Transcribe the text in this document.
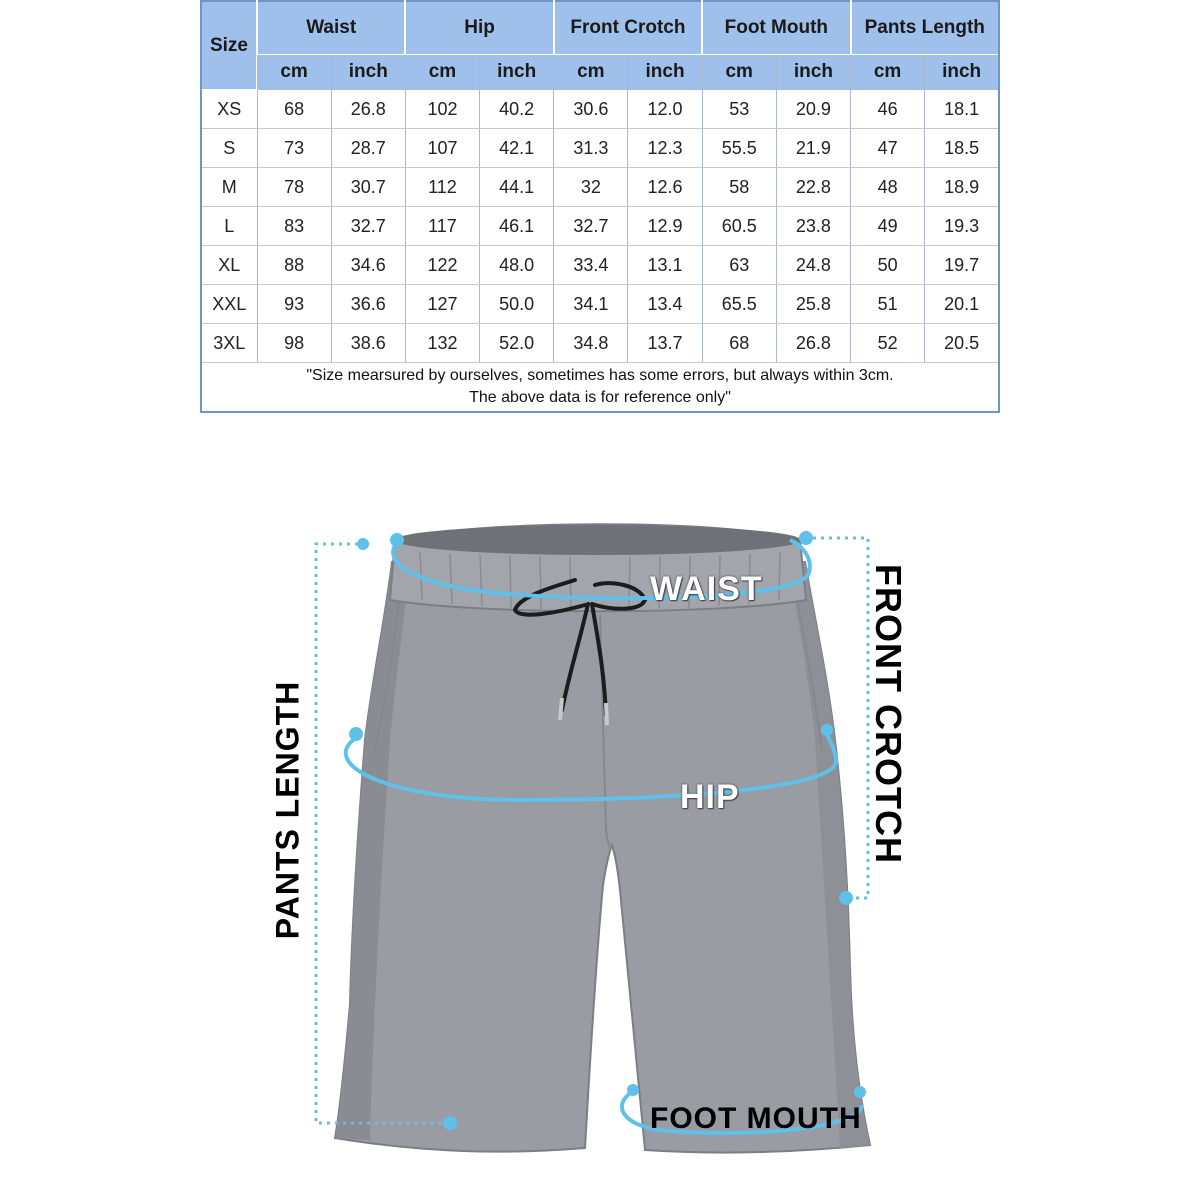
Size	Waist		Hip		Front Crotch		Foot Mouth		Pants Length	
	cm	inch	cm	inch	cm	inch	cm	inch	cm	inch
XS	68	26.8	102	40.2	30.6	12.0	53	20.9	46	18.1
S	73	28.7	107	42.1	31.3	12.3	55.5	21.9	47	18.5
M	78	30.7	112	44.1	32	12.6	58	22.8	48	18.9
L	83	32.7	117	46.1	32.7	12.9	60.5	23.8	49	19.3
XL	88	34.6	122	48.0	33.4	13.1	63	24.8	50	19.7
XXL	93	36.6	127	50.0	34.1	13.4	65.5	25.8	51	20.1
3XL	98	38.6	132	52.0	34.8	13.7	68	26.8	52	20.5

"Size mearsured by ourselves, sometimes has some errors, but always within 3cm.
The above data is for reference only"										
WAIST
HIP
FOOT MOUTH
PANTS LENGTH	FRONT CROTCH
